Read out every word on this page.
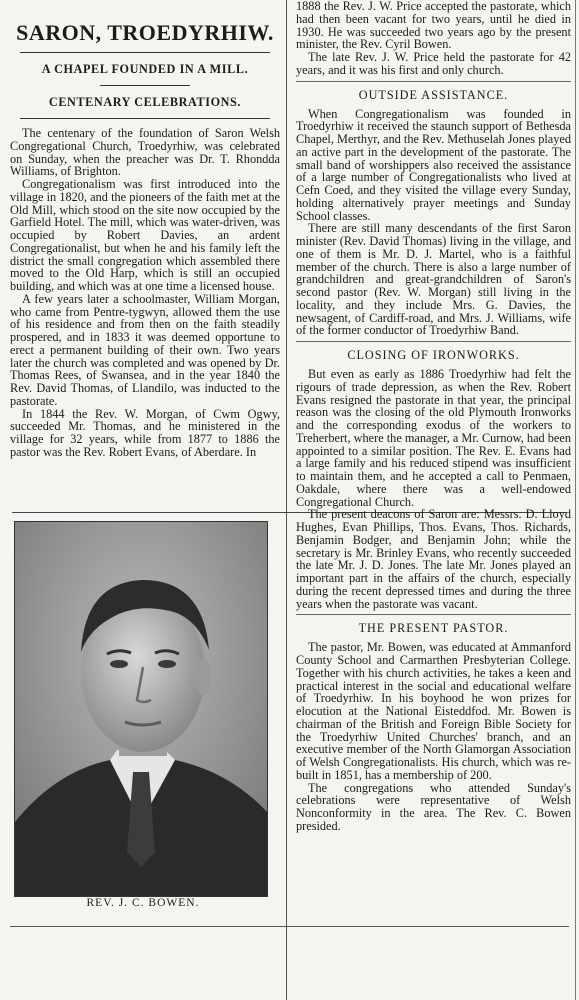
SARON, TROEDYRHIW.
A CHAPEL FOUNDED IN A MILL.
CENTENARY CELEBRATIONS.

The centenary of the foundation of Saron Welsh Congregational Church, Troedyrhiw, was celebrated on Sunday, when the preacher was Dr. T. Rhondda Williams, of Brighton.

Congregationalism was first introduced into the village in 1820, and the pioneers of the faith met at the Old Mill, which stood on the site now occupied by the Garfield Hotel. The mill, which was water-driven, was occupied by Robert Davies, an ardent Congregationalist, but when he and his family left the district the small congregation which assembled there moved to the Old Harp, which is still an occupied building, and which was at one time a licensed house.

A few years later a schoolmaster, William Morgan, who came from Pentre-tygwyn, allowed them the use of his residence and from then on the faith steadily prospered, and in 1833 it was deemed opportune to erect a permanent building of their own. Two years later the church was completed and was opened by Dr. Thomas Rees, of Swansea, and in the year 1840 the Rev. David Thomas, of Llandilo, was inducted to the pastorate.

In 1844 the Rev. W. Morgan, of Cwm Ogwy, succeeded Mr. Thomas, and he ministered in the village for 32 years, while from 1877 to 1886 the pastor was the Rev. Robert Evans, of Aberdare. In

REV. J. C. BOWEN.

1888 the Rev. J. W. Price accepted the pastorate, which had then been vacant for two years, until he died in 1930. He was succeeded two years ago by the present minister, the Rev. Cyril Bowen.

The late Rev. J. W. Price held the pastorate for 42 years, and it was his first and only church.

OUTSIDE ASSISTANCE.

When Congregationalism was founded in Troedyrhiw it received the staunch support of Bethesda Chapel, Merthyr, and the Rev. Methuselah Jones played an active part in the development of the pastorate. The small band of worshippers also received the assistance of a large number of Congregationalists who lived at Cefn Coed, and they visited the village every Sunday, holding alternatively prayer meetings and Sunday School classes.

There are still many descendants of the first Saron minister (Rev. David Thomas) living in the village, and one of them is Mr. D. J. Martel, who is a faithful member of the church. There is also a large number of grandchildren and great-grandchildren of Saron's second pastor (Rev. W. Morgan) still living in the locality, and they include Mrs. G. Davies, the newsagent, of Cardiff-road, and Mrs. J. Williams, wife of the former conductor of Troedyrhiw Band.

CLOSING OF IRONWORKS.

But even as early as 1886 Troedyrhiw had felt the rigours of trade depression, as when the Rev. Robert Evans resigned the pastorate in that year, the principal reason was the closing of the old Plymouth Ironworks and the corresponding exodus of the workers to Treherbert, where the manager, a Mr. Curnow, had been appointed to a similar position. The Rev. E. Evans had a large family and his reduced stipend was insufficient to maintain them, and he accepted a call to Penmaen, Oakdale, where there was a well-endowed Congregational Church.

The present deacons of Saron are: Messrs. D. Lloyd Hughes, Evan Phillips, Thos. Evans, Thos. Richards, Benjamin Bodger, and Benjamin John; while the secretary is Mr. Brinley Evans, who recently succeeded the late Mr. J. D. Jones. The late Mr. Jones played an important part in the affairs of the church, especially during the recent depressed times and during the three years when the pastorate was vacant.

THE PRESENT PASTOR.

The pastor, Mr. Bowen, was educated at Ammanford County School and Carmarthen Presbyterian College. Together with his church activities, he takes a keen and practical interest in the social and educational welfare of Troedyrhiw. In his boyhood he won prizes for elocution at the National Eisteddfod. Mr. Bowen is chairman of the British and Foreign Bible Society for the Troedyrhiw United Churches' branch, and an executive member of the North Glamorgan Association of Welsh Congregationalists. His church, which was re-built in 1851, has a membership of 200.

The congregations who attended Sunday's celebrations were representative of Welsh Nonconformity in the area. The Rev. C. Bowen presided.
